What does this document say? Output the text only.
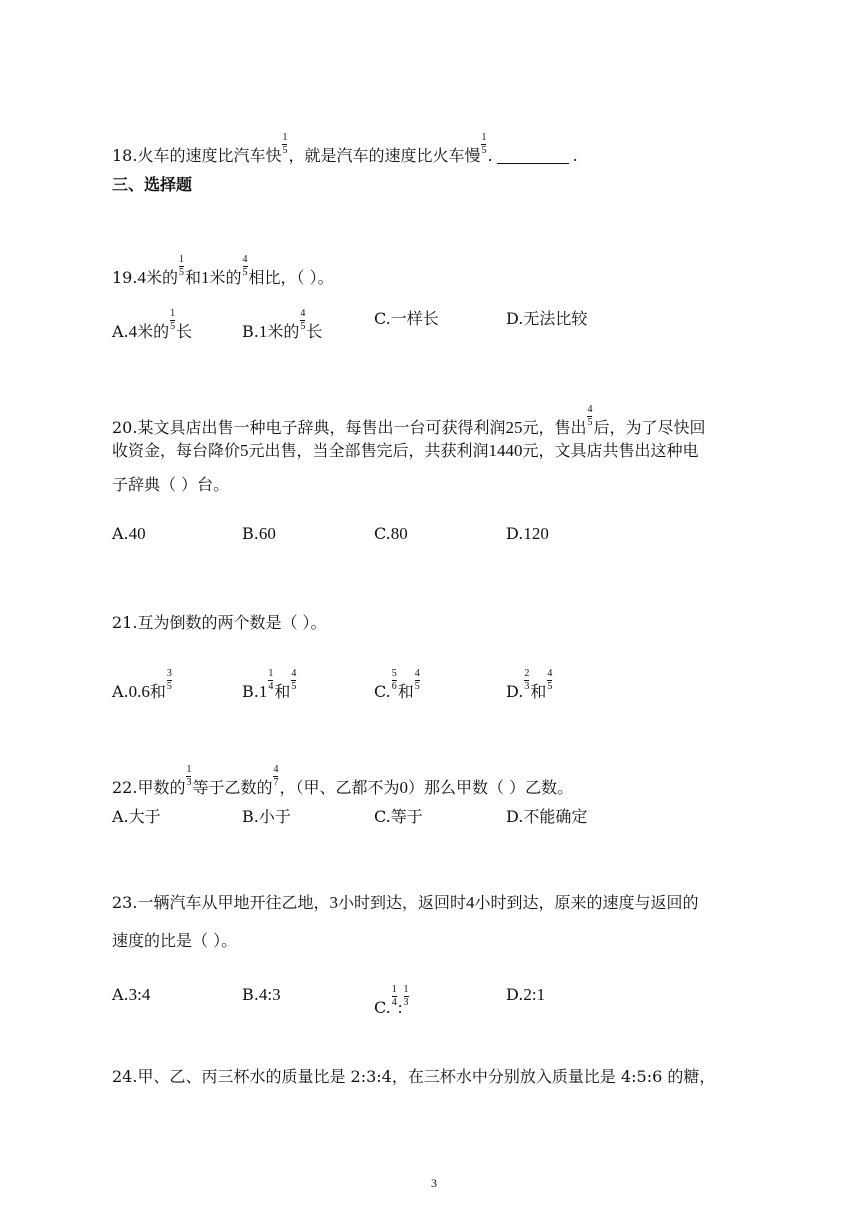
18.火车的速度比汽车快 $\frac{1}{5}$ ，就是汽车的速度比火车慢 $\frac{1}{5}$ .	.
三、选择题
19.4米的 $\frac{1}{5}$ 和1米的 $\frac{4}{5}$ 相比，（ ）。
A.4米的 $\frac{1}{5}$ 长	B.1米的 $\frac{4}{5}$ 长
C.一样长	D.无法比较
20.某文具店出售一种电子辞典，每售出一台可获得利润25元，售出 $\frac{4}{5}$ 后，为了尽快回
收资金，每台降价5元出售，当全部售完后，共获利润1440元，文具店共售出这种电
子辞典（ ）台。
A.40	B.60	C.80	D.120
21.互为倒数的两个数是（ ）。
A.0.6和 $\frac{3}{5}$	$B.1 \frac{1}{4}$ 和 $\frac{4}{5}$	C. $\frac{5}{6}$ 和 $\frac{4}{5}$	D. $\frac{2}{3}$ 和 $\frac{4}{5}$
22.甲数的 $\frac{1}{3}$ 等于乙数的 $\frac{4}{7}$ ，（甲、乙都不为0）那么甲数（ ）乙数。
A.大于	B.小于	C.等于	D.不能确定
23.一辆汽车从甲地开往乙地，3小时到达，返回时4小时到达，原来的速度与返回的
速度的比是（ ）。
A.3:4	B.4:3
C. $\frac{1}{4}$ : $\frac{1}{3}$	D.2:1
24.甲、乙、丙三杯水的质量比是 2:3:4，在三杯水中分别放入质量比是 4:5:6 的糖，
3
